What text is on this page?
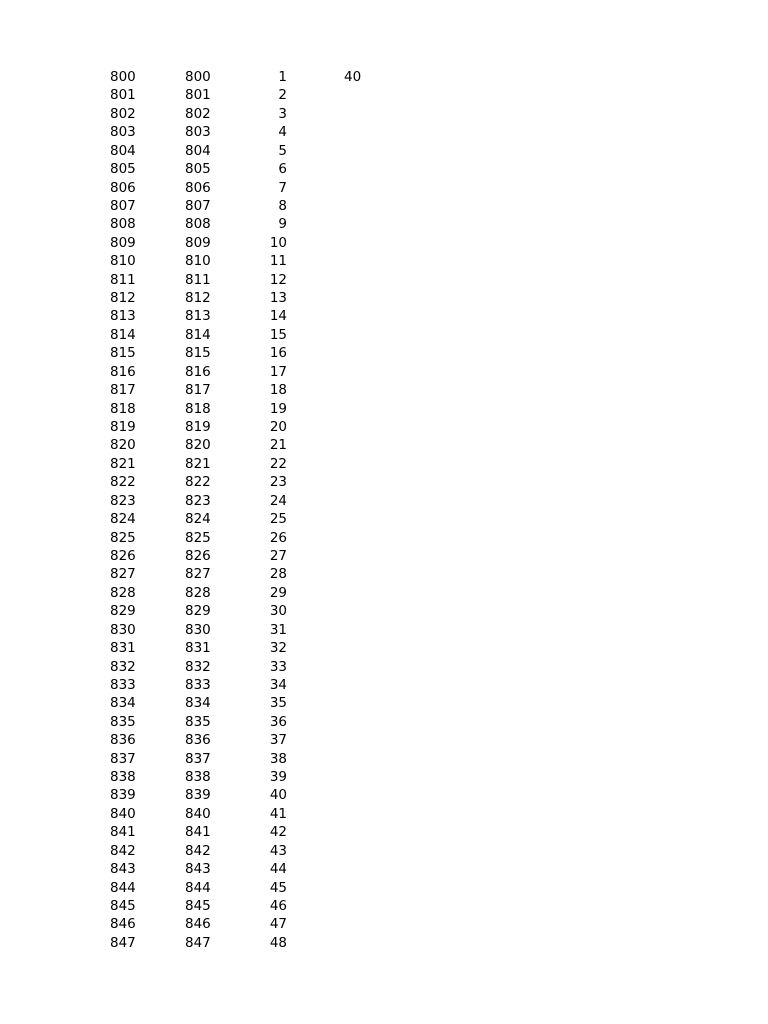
800	800	1	40
801	801	2
802	802	3
803	803	4
804	804	5
805	805	6
806	806	7
807	807	8
808	808	9
809	809	10
810	810	11
811	811	12
812	812	13
813	813	14
814	814	15
815	815	16
816	816	17
817	817	18
818	818	19
819	819	20
820	820	21
821	821	22
822	822	23
823	823	24
824	824	25
825	825	26
826	826	27
827	827	28
828	828	29
829	829	30
830	830	31
831	831	32
832	832	33
833	833	34
834	834	35
835	835	36
836	836	37
837	837	38
838	838	39
839	839	40
840	840	41
841	841	42
842	842	43
843	843	44
844	844	45
845	845	46
846	846	47
847	847	48
